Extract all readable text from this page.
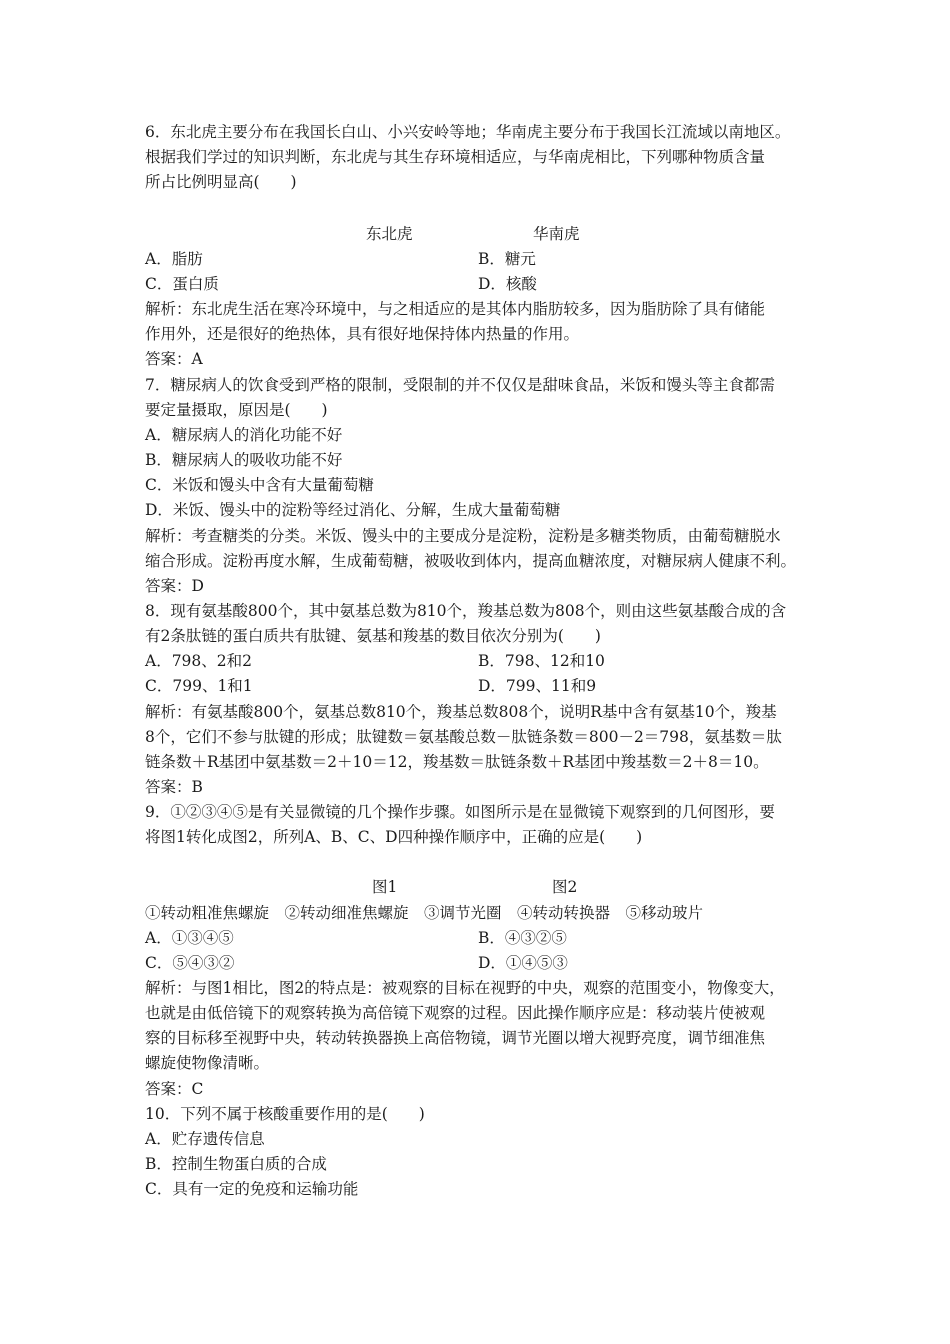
6．东北虎主要分布在我国长白山、小兴安岭等地；华南虎主要分布于我国长江流域以南地区。
根据我们学过的知识判断，东北虎与其生存环境相适应，与华南虎相比，下列哪种物质含量
所占比例明显高(　　)
东北虎	华南虎
A．脂肪	B．糖元
C．蛋白质	D．核酸
解析：东北虎生活在寒冷环境中，与之相适应的是其体内脂肪较多，因为脂肪除了具有储能
作用外，还是很好的绝热体，具有很好地保持体内热量的作用。
答案：A
7．糖尿病人的饮食受到严格的限制，受限制的并不仅仅是甜味食品，米饭和馒头等主食都需
要定量摄取，原因是(　　)
A．糖尿病人的消化功能不好
B．糖尿病人的吸收功能不好
C．米饭和馒头中含有大量葡萄糖
D．米饭、馒头中的淀粉等经过消化、分解，生成大量葡萄糖
解析：考查糖类的分类。米饭、馒头中的主要成分是淀粉，淀粉是多糖类物质，由葡萄糖脱水
缩合形成。淀粉再度水解，生成葡萄糖，被吸收到体内，提高血糖浓度，对糖尿病人健康不利。
答案：D
8．现有氨基酸800个，其中氨基总数为810个，羧基总数为808个，则由这些氨基酸合成的含
有2条肽链的蛋白质共有肽键、氨基和羧基的数目依次分别为(　　)
A．798、2和2	B．798、12和10
C．799、1和1	D．799、11和9
解析：有氨基酸800个，氨基总数810个，羧基总数808个，说明R基中含有氨基10个，羧基
8个，它们不参与肽键的形成；肽键数＝氨基酸总数－肽链条数＝800－2＝798，氨基数＝肽
链条数＋R基团中氨基数＝2＋10＝12，羧基数＝肽链条数＋R基团中羧基数＝2＋8＝10。
答案：B
9．①②③④⑤是有关显微镜的几个操作步骤。如图所示是在显微镜下观察到的几何图形，要
将图1转化成图2，所列A、B、C、D四种操作顺序中，正确的应是(　　)
图1	图2
①转动粗准焦螺旋　②转动细准焦螺旋　③调节光圈　④转动转换器　⑤移动玻片
A．①③④⑤	B．④③②⑤
C．⑤④③②	D．①④⑤③
解析：与图1相比，图2的特点是：被观察的目标在视野的中央，观察的范围变小，物像变大，
也就是由低倍镜下的观察转换为高倍镜下观察的过程。因此操作顺序应是：移动装片使被观
察的目标移至视野中央，转动转换器换上高倍物镜，调节光圈以增大视野亮度，调节细准焦
螺旋使物像清晰。
答案：C
10．下列不属于核酸重要作用的是(　　)
A．贮存遗传信息
B．控制生物蛋白质的合成
C．具有一定的免疫和运输功能
